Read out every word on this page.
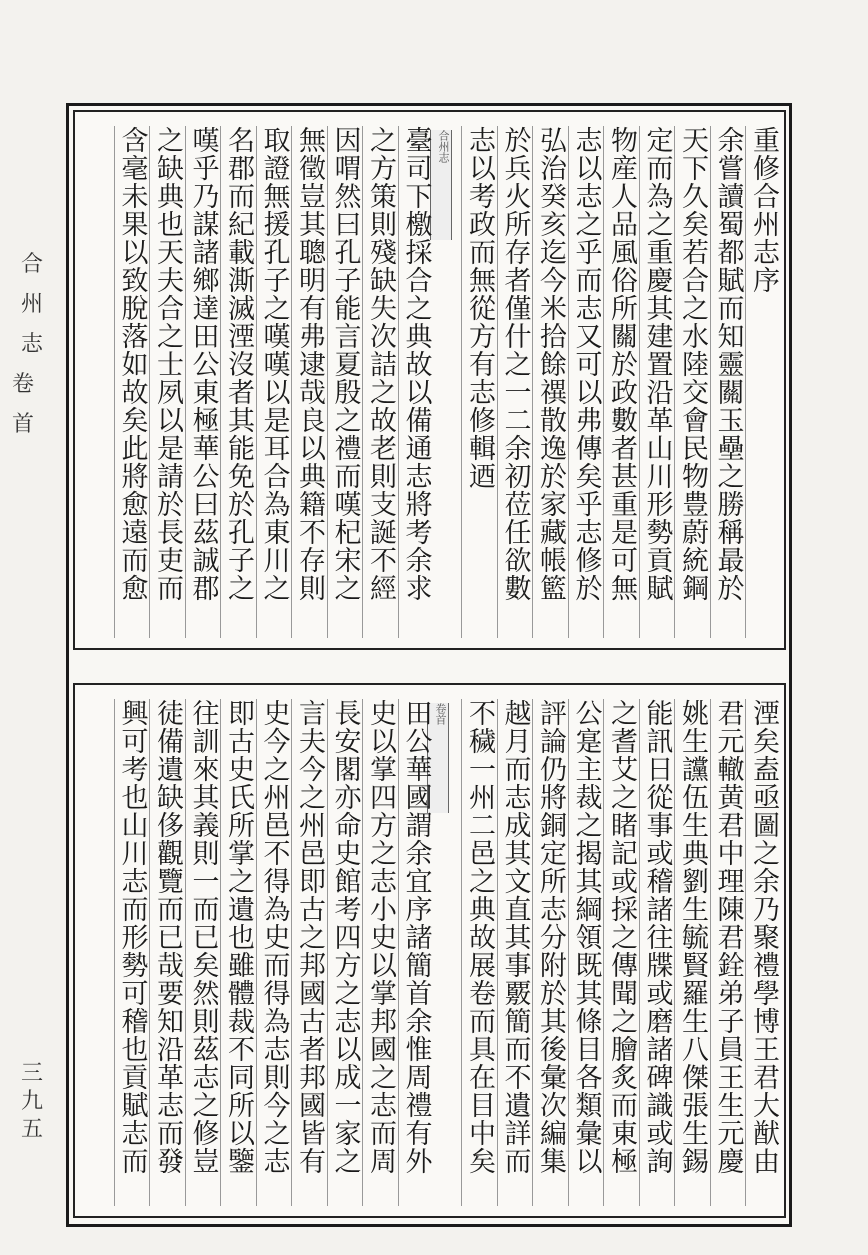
合
州
志
卷首
三
九
五
合州志	重修合州志序
余嘗讀蜀都賦而知靈關玉壘之勝稱最於
天下久矣若合之水陸交會民物豊蔚統鋼
定而為之重慶其建置沿革山川形勢貢賦
物産人品風俗所關於政數者甚重是可無
志以志之乎而志又可以弗傳矣乎志修於
弘治癸亥迄今米拾餘禩散逸於家藏帳籃
於兵火所存者僅什之一二余初莅任欲數
志以考政而無從方有志修輯迺
臺司下檄採合之典故以備通志將考余求
之方策則殘缺失次詰之故老則支誕不經
因喟然曰孔子能言夏殷之禮而嘆杞宋之
無徵豈其聰明有弗逮哉良以典籍不存則
取證無援孔子之嘆嘆以是耳合為東川之
名郡而紀載澌滅湮沒者其能免於孔子之
嘆乎乃謀諸鄉達田公東極華公曰茲誠郡
之缺典也天夫合之士夙以是請於長吏而
含毫未果以致脫落如故矣此將愈遠而愈
卷首	湮矣盍亟圖之余乃聚禮學博王君大猷由
君元轍黄君中理陳君銓弟子員王生元慶
姚生讜伍生典劉生毓賢羅生八傑張生錫
能訊日從事或稽諸往牒或磨諸碑識或詢
之耆艾之睹記或採之傳聞之膾炙而東極
公寔主裁之揭其綱領既其條目各類彙以
評論仍將銅定所志分附於其後彙次編集
越月而志成其文直其事覈簡而不遺詳而
不穢一州二邑之典故展卷而具在目中矣
田公華國謂余宜序諸簡首余惟周禮有外
史以掌四方之志小史以掌邦國之志而周
長安閣亦命史館考四方之志以成一家之
言夫今之州邑即古之邦國古者邦國皆有
史今之州邑不得為史而得為志則今之志
即古史氏所掌之遺也雖體裁不同所以鑒
往訓來其義則一而已矣然則茲志之修豈
徒備遺缺侈觀覽而已哉要知沿革志而發
興可考也山川志而形勢可稽也貢賦志而
